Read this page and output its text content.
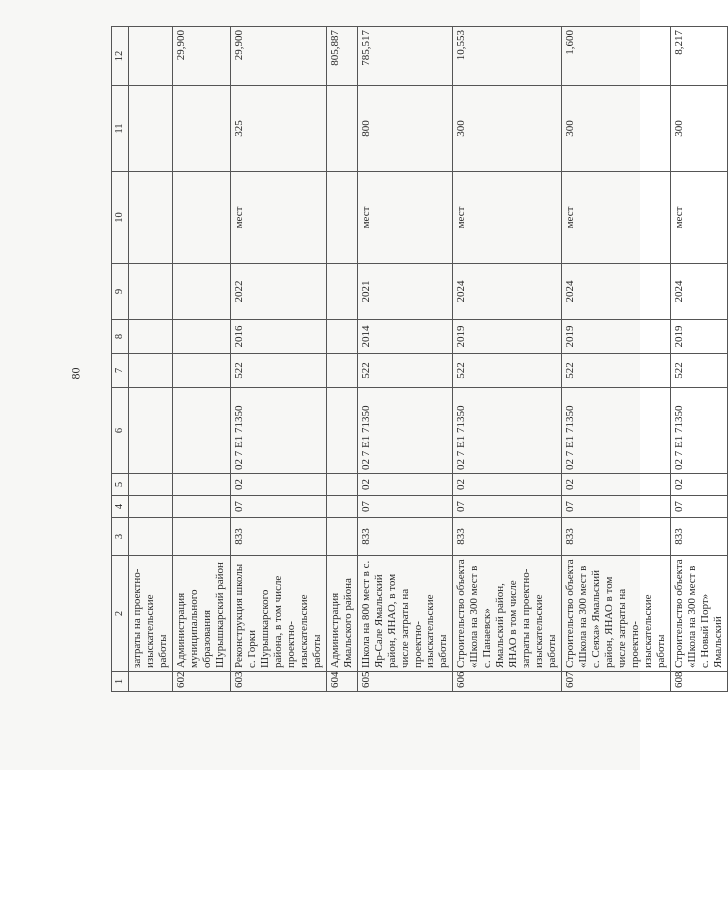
80
1	2	3	4	5	6	7	8	9	10	11	12
	затраты на проектно-изыскательские работы										
602	Администрация муниципального образования Шурышкарский район										29,900
603	Реконструкция школы с. Горки Шурышкарского района, в том числе проектно-изыскательские работы	833	07	02	02 7 Е1 71350	522	2016	2022	мест	325	29,900
604	Администрация Ямальского района										805,887
605	Школа на 800 мест в с. Яр-Сале Ямальский район, ЯНАО, в том числе затраты на проектно-изыскательские работы	833	07	02	02 7 Е1 71350	522	2014	2021	мест	800	785,517
606	Строительство объекта «Школа на 300 мест в с. Панаевск» Ямальский район, ЯНАО в том числе затраты на проектно-изыскательские работы	833	07	02	02 7 Е1 71350	522	2019	2024	мест	300	10,553
607	Строительство объекта «Школа на 300 мест в с. Сеяха» Ямальский район, ЯНАО в том числе затраты на проектно-изыскательские работы	833	07	02	02 7 Е1 71350	522	2019	2024	мест	300	1,600
608	Строительство объекта «Школа на 300 мест в с. Новый Порт» Ямальский	833	07	02	02 7 Е1 71350	522	2019	2024	мест	300	8,217
